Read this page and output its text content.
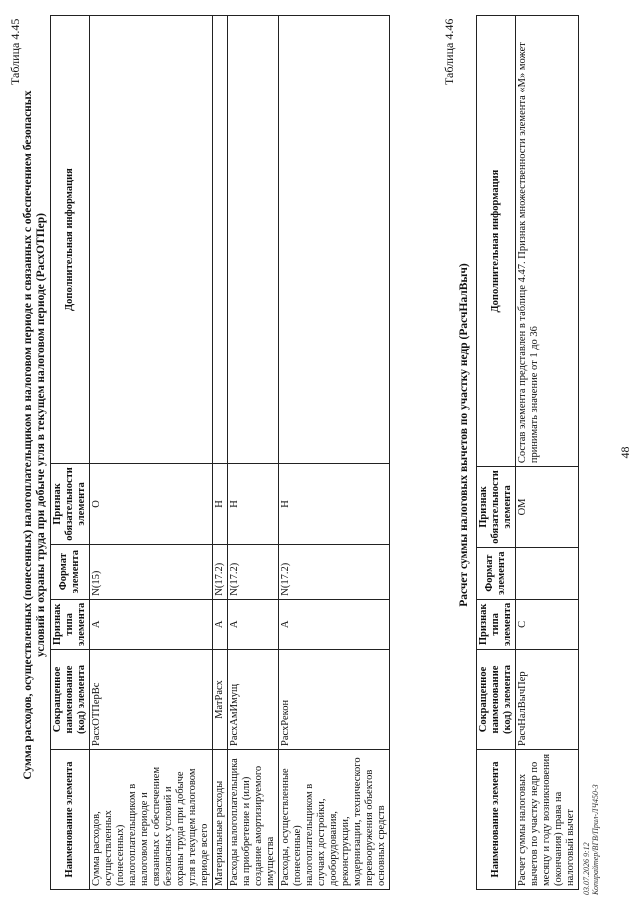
48
Таблица 4.45
Сумма расходов, осуществленных (понесенных) налогоплательщиком в налоговом периоде и связанных с обеспечением безопасных условий и охраны труда при добыче угля в текущем налоговом периоде (РасхОТПер)
Наименование элемента	Сокращенное наименование (код) элемента	Признак типа элемента	Формат элемента	Признак обязательности элемента	Дополнительная информация
Сумма расходов, осуществленных (понесенных) налогоплательщиком в налоговом периоде и связанных с обеспечением безопасных условий и охраны труда при добыче угля в текущем налоговом периоде всего	РасхОТПерВс	А	N(15)	О	
Материальные расходы	МатРасх	А	N(17.2)	Н	
Расходы налогоплательщика на приобретение и (или) создание амортизируемого имущества	РасхАмИмущ	А	N(17.2)	Н	
Расходы, осуществленные (понесенные) налогоплательщиком в случаях достройки, дооборудования, реконструкции, модернизации, технического перевооружения объектов основных средств	РасхРекон	А	N(17.2)	Н	
Таблица 4.46
Расчет суммы налоговых вычетов по участку недр (РасчНалВыч)
Наименование элемента	Сокращенное наименование (код) элемента	Признак типа элемента	Формат элемента	Признак обязательности элемента	Дополнительная информация
Расчет суммы налоговых вычетов по участку недр по месяцу и году возникновения (окончания) права на налоговый вычет	РасчНалВычПер	С		ОМ	Состав элемента представлен в таблице 4.47. Признак множественности элемента «М» может принимать значение от 1 до 36
03.07.2026 9:12 Копирайтер/ВГВ/Прил-ЛЧ450-3
